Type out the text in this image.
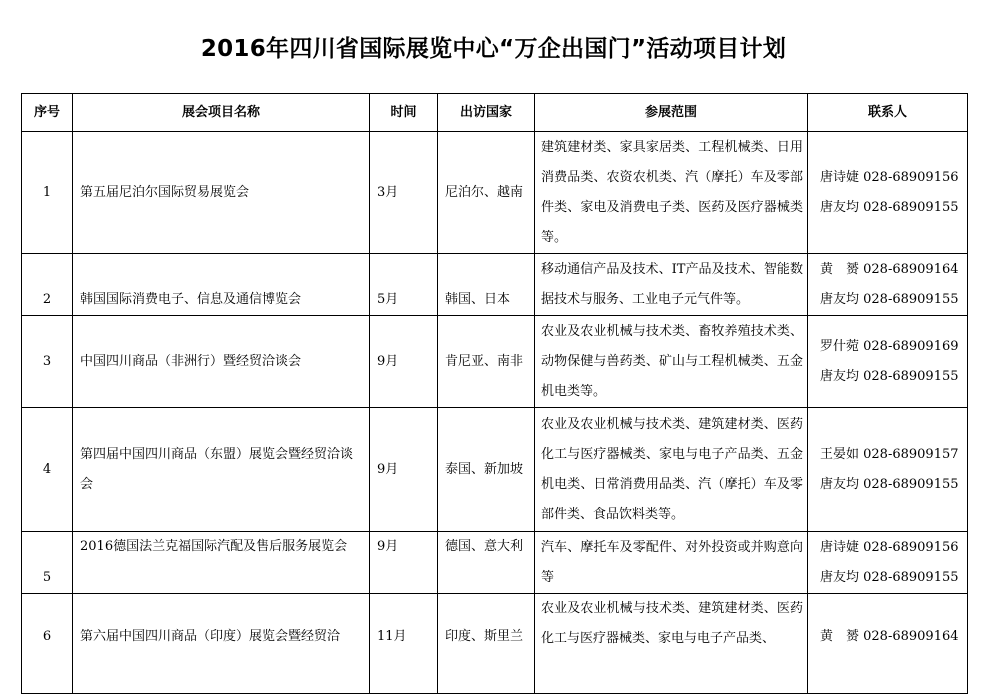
2016年四川省国际展览中心“万企出国门”活动项目计划
序号	展会项目名称	时间	出访国家	参展范围	联系人
1	第五届尼泊尔国际贸易展览会	3月	尼泊尔、越南	建筑建材类、家具家居类、工程机械类、日用消费品类、农资农机类、汽（摩托）车及零部件类、家电及消费电子类、医药及医疗器械类等。	唐诗婕 028-68909156
唐友均 028-68909155

2	韩国国际消费电子、信息及通信博览会	5月	韩国、日本	移动通信产品及技术、IT产品及技术、智能数据技术与服务、工业电子元气件等。	黄　赟 028-68909164
唐友均 028-68909155

3	中国四川商品（非洲行）暨经贸洽谈会	9月	肯尼亚、南非	农业及农业机械与技术类、畜牧养殖技术类、动物保健与兽药类、矿山与工程机械类、五金机电类等。	罗什菀 028-68909169
唐友均 028-68909155

4	第四届中国四川商品（东盟）展览会暨经贸洽谈会	9月	泰国、新加坡	农业及农业机械与技术类、建筑建材类、医药化工与医疗器械类、家电与电子产品类、五金机电类、日常消费用品类、汽（摩托）车及零部件类、食品饮料类等。	王晏如 028-68909157
唐友均 028-68909155

5	2016德国法兰克福国际汽配及售后服务展览会	9月	德国、意大利	汽车、摩托车及零配件、对外投资或并购意向等	唐诗婕 028-68909156
唐友均 028-68909155

6	第六届中国四川商品（印度）展览会暨经贸洽	11月	印度、斯里兰	农业及农业机械与技术类、建筑建材类、医药化工与医疗器械类、家电与电子产品类、	黄　赟 028-68909164
